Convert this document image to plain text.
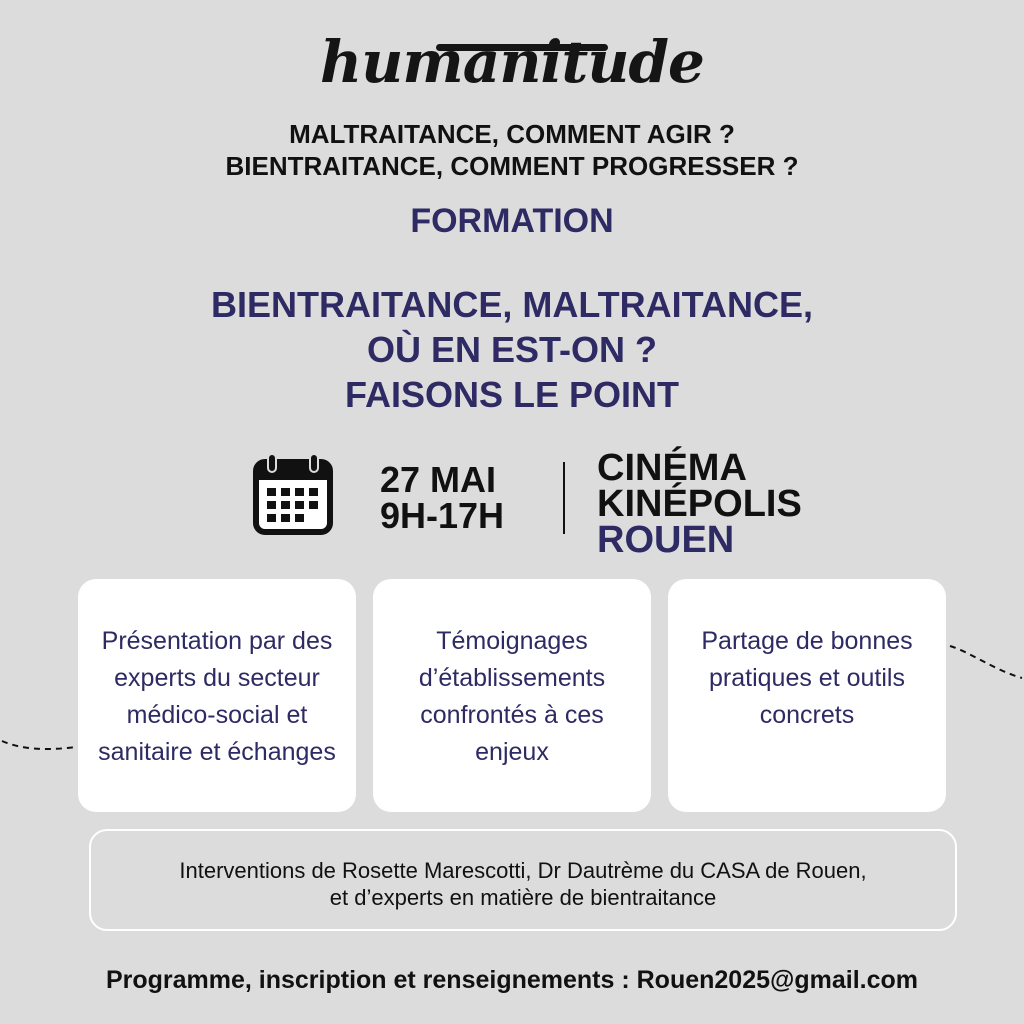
humanitude
MALTRAITANCE, COMMENT AGIR ?
BIENTRAITANCE, COMMENT PROGRESSER ?
FORMATION
BIENTRAITANCE, MALTRAITANCE,
OÙ EN EST-ON ?
FAISONS LE POINT
27 MAI
9H-17H
CINÉMA
KINÉPOLIS
ROUEN
Présentation par des
experts du secteur
médico-social et
sanitaire et échanges
Témoignages
d’établissements
confrontés à ces
enjeux
Partage de bonnes
pratiques et outils
concrets
Interventions de Rosette Marescotti, Dr Dautrème du CASA de Rouen,
et d’experts en matière de bientraitance
Programme, inscription et renseignements : Rouen2025@gmail.com
